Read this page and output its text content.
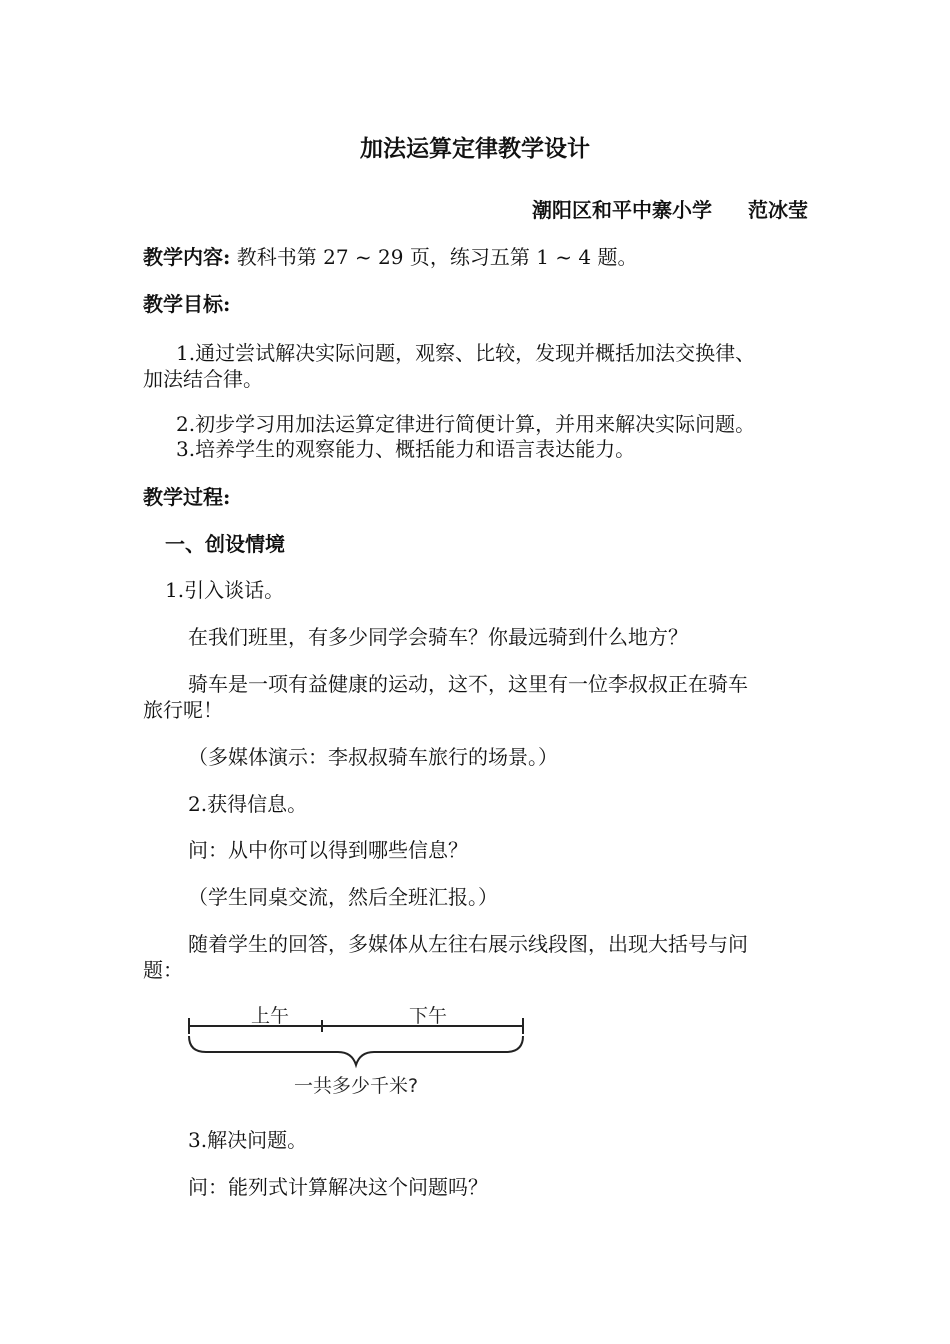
加法运算定律教学设计
潮阳区和平中寨小学 范冰莹
教学内容: 教科书第 27 ~ 29 页，练习五第 1 ~ 4 题。
教学目标:
1.通过尝试解决实际问题，观察、比较，发现并概括加法交换律、
加法结合律。
2.初步学习用加法运算定律进行简便计算，并用来解决实际问题。
3.培养学生的观察能力、概括能力和语言表达能力。
教学过程:
一、创设情境
1.引入谈话。
在我们班里，有多少同学会骑车？你最远骑到什么地方？
骑车是一项有益健康的运动，这不，这里有一位李叔叔正在骑车
旅行呢！
（多媒体演示：李叔叔骑车旅行的场景。）
2.获得信息。
问：从中你可以得到哪些信息？
（学生同桌交流，然后全班汇报。）
随着学生的回答，多媒体从左往右展示线段图，出现大括号与问
题：
上午	下午
一共多少千米?
3.解决问题。
问：能列式计算解决这个问题吗？
